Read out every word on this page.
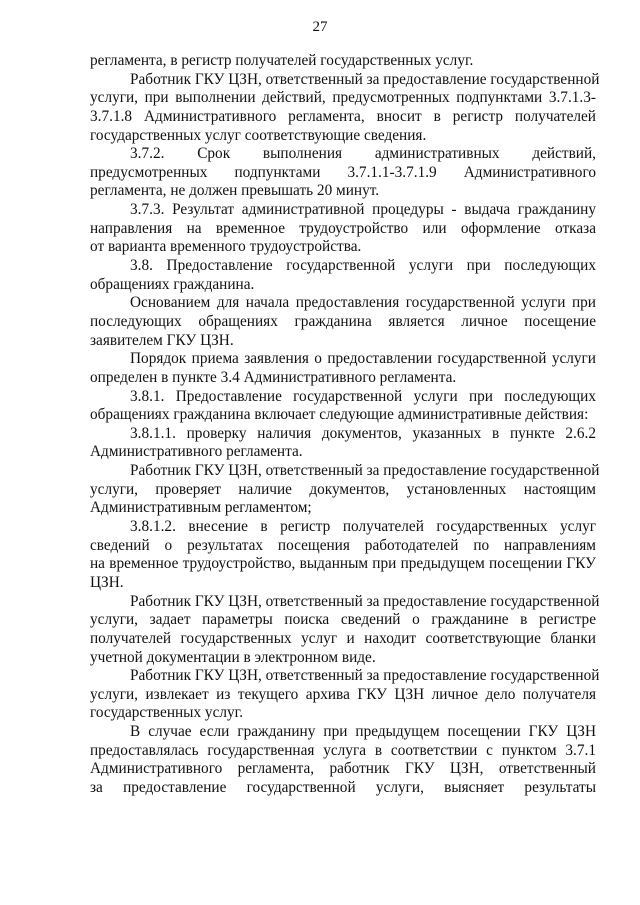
27
регламента, в регистр получателей государственных услуг.
Работник ГКУ ЦЗН, ответственный за предоставление государственной
услуги, при выполнении действий, предусмотренных подпунктами 3.7.1.3-
3.7.1.8 Административного регламента, вносит в регистр получателей
государственных услуг соответствующие сведения.
3.7.2. Срок выполнения административных действий,
предусмотренных подпунктами 3.7.1.1-3.7.1.9 Административного
регламента, не должен превышать 20 минут.
3.7.3. Результат административной процедуры - выдача гражданину
направления на временное трудоустройство или оформление отказа
от варианта временного трудоустройства.
3.8. Предоставление государственной услуги при последующих
обращениях гражданина.
Основанием для начала предоставления государственной услуги при
последующих обращениях гражданина является личное посещение
заявителем ГКУ ЦЗН.
Порядок приема заявления о предоставлении государственной услуги
определен в пункте 3.4 Административного регламента.
3.8.1. Предоставление государственной услуги при последующих
обращениях гражданина включает следующие административные действия:
3.8.1.1. проверку наличия документов, указанных в пункте 2.6.2
Административного регламента.
Работник ГКУ ЦЗН, ответственный за предоставление государственной
услуги, проверяет наличие документов, установленных настоящим
Административным регламентом;
3.8.1.2. внесение в регистр получателей государственных услуг
сведений о результатах посещения работодателей по направлениям
на временное трудоустройство, выданным при предыдущем посещении ГКУ
ЦЗН.
Работник ГКУ ЦЗН, ответственный за предоставление государственной
услуги, задает параметры поиска сведений о гражданине в регистре
получателей государственных услуг и находит соответствующие бланки
учетной документации в электронном виде.
Работник ГКУ ЦЗН, ответственный за предоставление государственной
услуги, извлекает из текущего архива ГКУ ЦЗН личное дело получателя
государственных услуг.
В случае если гражданину при предыдущем посещении ГКУ ЦЗН
предоставлялась государственная услуга в соответствии с пунктом 3.7.1
Административного регламента, работник ГКУ ЦЗН, ответственный
за предоставление государственной услуги, выясняет результаты
